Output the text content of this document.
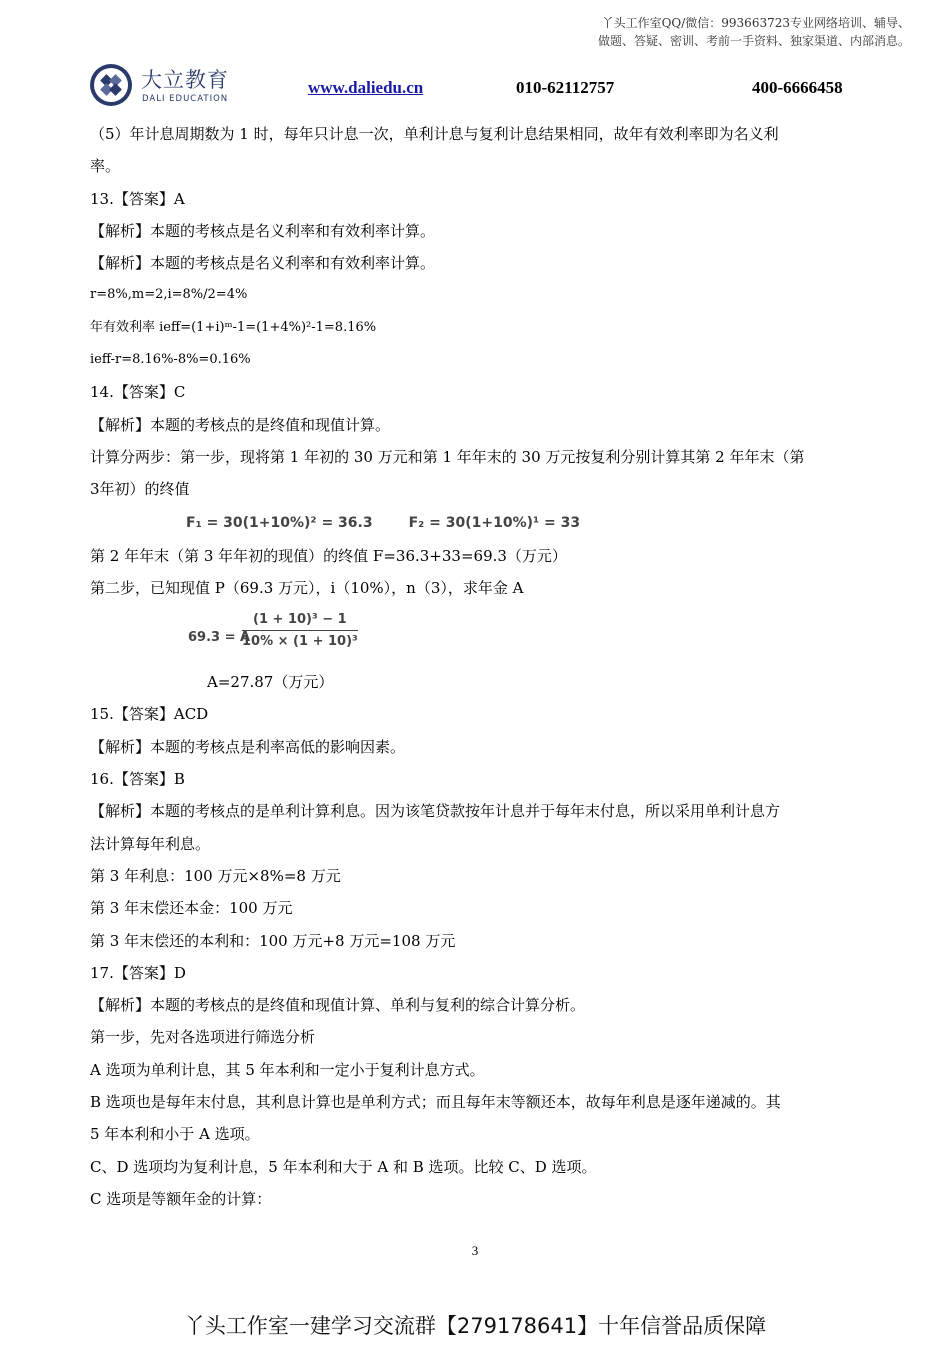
丫头工作室QQ/微信：993663723专业网络培训、辅导、
做题、答疑、密训、考前一手资料、独家渠道、内部消息。
大立教育
DALI EDUCATION
www.daliedu.cn	010-62112757	400-6666458
（5）年计息周期数为 1 时，每年只计息一次，单利计息与复利计息结果相同，故年有效利率即为名义利
率。
13.【答案】A
【解析】本题的考核点是名义利率和有效利率计算。
【解析】本题的考核点是名义利率和有效利率计算。
r=8%,m=2,i=8%/2=4%
年有效利率 ieff=(1+i)ᵐ-1=(1+4%)²-1=8.16%
ieff-r=8.16%-8%=0.16%
14.【答案】C
【解析】本题的考核点的是终值和现值计算。
计算分两步：第一步，现将第 1 年初的 30 万元和第 1 年年末的 30 万元按复利分别计算其第 2 年年末（第
3年初）的终值
F₁ = 30(1+10%)² = 36.3	F₂ = 30(1+10%)¹ = 33
第 2 年年末（第 3 年年初的现值）的终值 F=36.3+33=69.3（万元）
第二步，已知现值 P（69.3 万元），i（10%），n（3），求年金 A
69.3 = A
$\frac{\text{(1 + 10)³ − 1}}{\text{10\% × (1 + 10)³}}$
A=27.87（万元）
15.【答案】ACD
【解析】本题的考核点是利率高低的影响因素。
16.【答案】B
【解析】本题的考核点的是单利计算利息。因为该笔贷款按年计息并于每年末付息，所以采用单利计息方
法计算每年利息。
第 3 年利息：100 万元×8%=8 万元
第 3 年末偿还本金：100 万元
第 3 年末偿还的本利和：100 万元+8 万元=108 万元
17.【答案】D
【解析】本题的考核点的是终值和现值计算、单利与复利的综合计算分析。
第一步，先对各选项进行筛选分析
A 选项为单利计息，其 5 年本利和一定小于复利计息方式。
B 选项也是每年末付息，其利息计算也是单利方式；而且每年末等额还本，故每年利息是逐年递减的。其
5 年本利和小于 A 选项。
C、D 选项均为复利计息，5 年本利和大于 A 和 B 选项。比较 C、D 选项。
C 选项是等额年金的计算：
3
丫头工作室一建学习交流群【279178641】十年信誉品质保障
